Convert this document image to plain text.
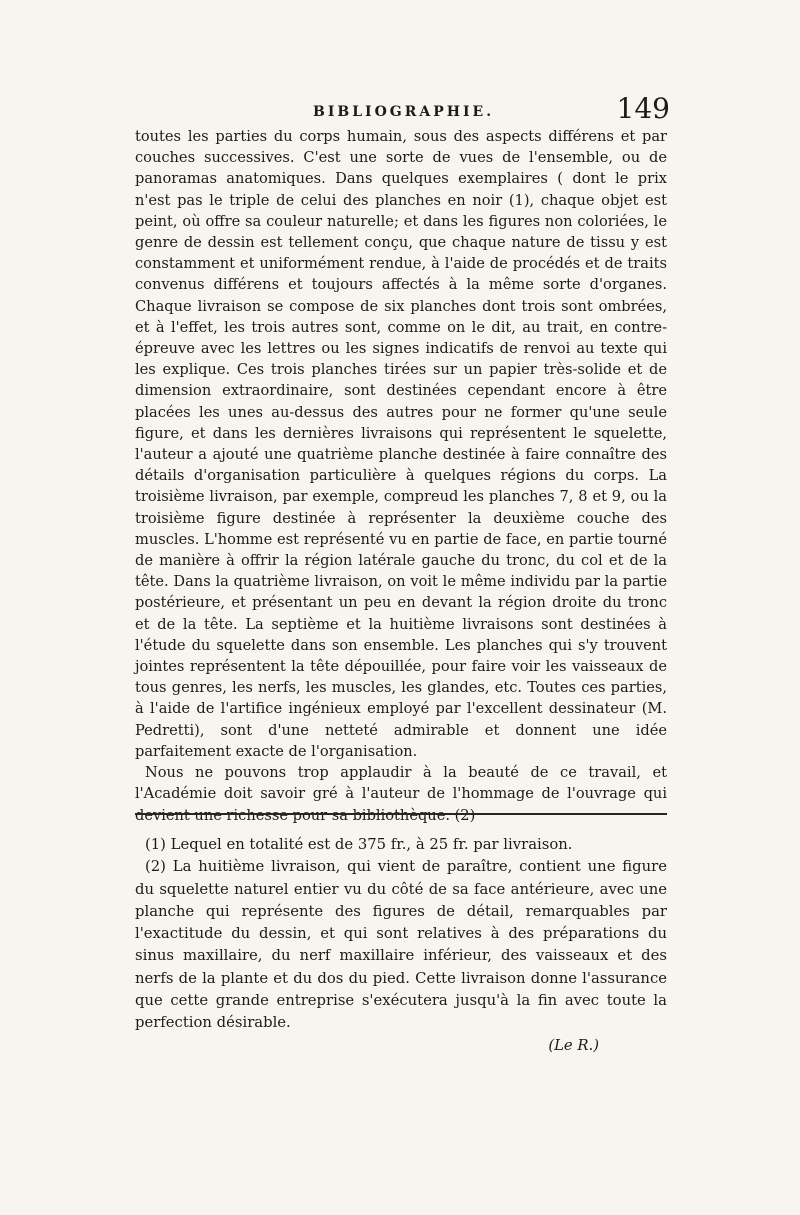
BIBLIOGRAPHIE.	149

toutes les parties du corps humain, sous des aspects différens et par couches successives. C'est une sorte de vues de l'ensemble, ou de panoramas anatomiques. Dans quelques exemplaires ( dont le prix n'est pas le triple de celui des planches en noir (1), chaque objet est peint, où offre sa couleur naturelle; et dans les figures non coloriées, le genre de dessin est tellement conçu, que chaque nature de tissu y est constamment et uniformément rendue, à l'aide de procédés et de traits convenus différens et toujours affectés à la même sorte d'organes. Chaque livraison se compose de six planches dont trois sont ombrées, et à l'effet, les trois autres sont, comme on le dit, au trait, en contre-épreuve avec les lettres ou les signes indicatifs de renvoi au texte qui les explique. Ces trois planches tirées sur un papier très-solide et de dimension extraordinaire, sont destinées cependant encore à être placées les unes au-dessus des autres pour ne former qu'une seule figure, et dans les dernières livraisons qui représentent le squelette, l'auteur a ajouté une quatrième planche destinée à faire connaître des détails d'organisation particulière à quelques régions du corps. La troisième livraison, par exemple, compreud les planches 7, 8 et 9, ou la troisième figure destinée à représenter la deuxième couche des muscles. L'homme est représenté vu en partie de face, en partie tourné de manière à offrir la région latérale gauche du tronc, du col et de la tête. Dans la quatrième livraison, on voit le même individu par la partie postérieure, et présentant un peu en devant la région droite du tronc et de la tête. La septième et la huitième livraisons sont destinées à l'étude du squelette dans son ensemble. Les planches qui s'y trouvent jointes représentent la tête dépouillée, pour faire voir les vaisseaux de tous genres, les nerfs, les muscles, les glandes, etc. Toutes ces parties, à l'aide de l'artifice ingénieux employé par l'excellent dessinateur (M. Pedretti), sont d'une netteté admirable et donnent une idée parfaitement exacte de l'organisation.

Nous ne pouvons trop applaudir à la beauté de ce travail, et l'Académie doit savoir gré à l'auteur de l'hommage de l'ouvrage qui devient une richesse pour sa bibliothèque. (2)

(1) Lequel en totalité est de 375 fr., à 25 fr. par livraison.

(2) La huitième livraison, qui vient de paraître, contient une figure du squelette naturel entier vu du côté de sa face antérieure, avec une planche qui représente des figures de détail, remarquables par l'exactitude du dessin, et qui sont relatives à des préparations du sinus maxillaire, du nerf maxillaire inférieur, des vaisseaux et des nerfs de la plante et du dos du pied. Cette livraison donne l'assurance que cette grande entreprise s'exécutera jusqu'à la fin avec toute la perfection désirable.

(Le R.)
